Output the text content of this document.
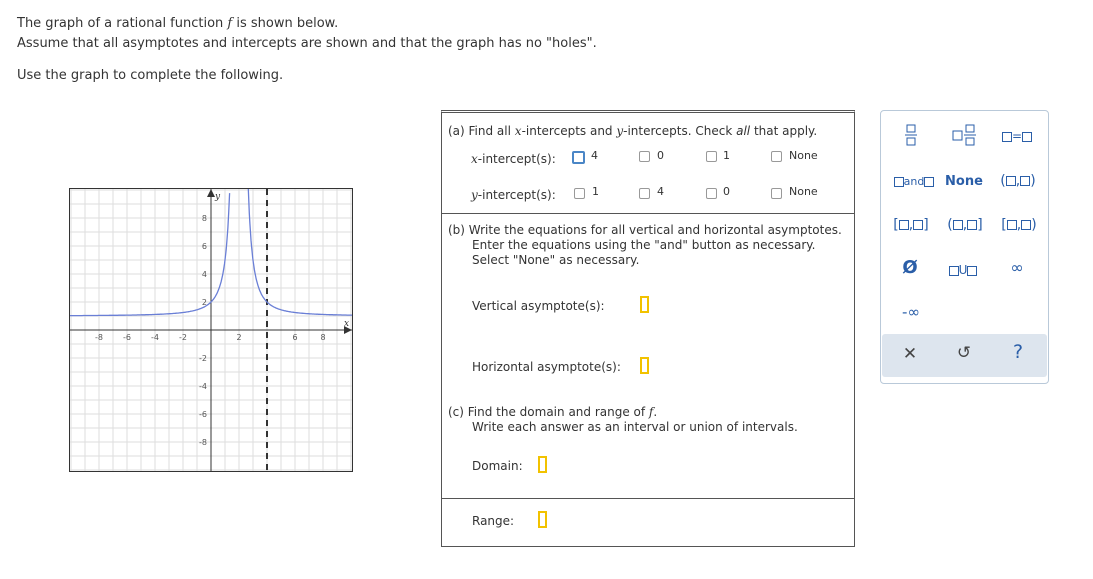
The graph of a rational function f is shown below.
Assume that all asymptotes and intercepts are shown and that the graph has no "holes".
Use the graph to complete the following.
x
y
-8	-6	-4	-2	2	6	8
8
6
4
2
-2
-4
-6
-8
(a) Find all x-intercepts and y-intercepts. Check all that apply.
x-intercept(s):	4	0	1	None
y-intercept(s):	1	4	0	None
(b) Write the equations for all vertical and horizontal asymptotes.
Enter the equations using the "and" button as necessary.
Select "None" as necessary.
Vertical asymptote(s):
Horizontal asymptote(s):
(c) Find the domain and range of f.
Write each answer as an interval or union of intervals.
Domain:
Range:
=
and	None	( , )
[ , ]	( , ]	[ , )
Ø	U	∞
-∞
✕ ↺	?
